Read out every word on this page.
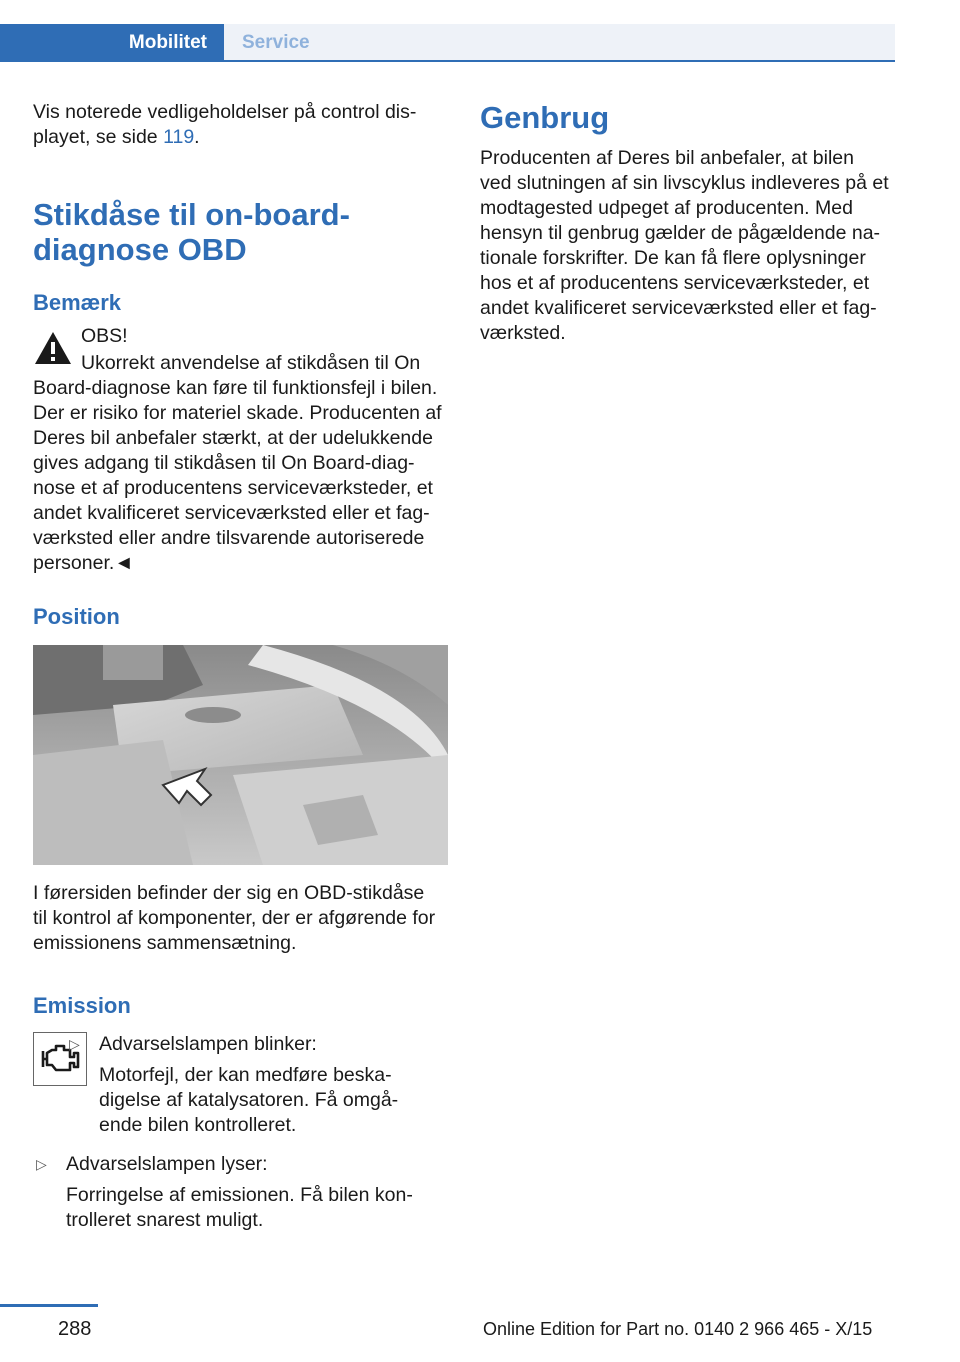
Mobilitet	Service

Vis noterede vedligeholdelser på control dis‐
playet, se side 119.

Stikdåse til on-board-
diagnose OBD
Bemærk

OBS!

Ukorrekt anvendelse af stikdåsen til On
Board-diagnose kan føre til funktionsfejl i bilen.
Der er risiko for materiel skade. Producenten af
Deres bil anbefaler stærkt, at der udelukkende
gives adgang til stikdåsen til On Board-diag‐
nose et af producentens serviceværksteder, et
andet kvalificeret serviceværksted eller et fag‐
værksted eller andre tilsvarende autoriserede
personer.◄

Position

I førersiden befinder der sig en OBD-stikdåse
til kontrol af komponenter, der er afgørende for
emissionens sammensætning.

Emission
▷ Advarselslampen blinker:

Motorfejl, der kan medføre beska‐
digelse af katalysatoren. Få omgå‐
ende bilen kontrolleret.

▷ Advarselslampen lyser:

Forringelse af emissionen. Få bilen kon‐
trolleret snarest muligt.

Genbrug

Producenten af Deres bil anbefaler, at bilen
ved slutningen af sin livscyklus indleveres på et
modtagested udpeget af producenten. Med
hensyn til genbrug gælder de pågældende na‐
tionale forskrifter. De kan få flere oplysninger
hos et af producentens serviceværksteder, et
andet kvalificeret serviceværksted eller et fag‐
værksted.

288	Online Edition for Part no. 0140 2 966 465 - X/15
